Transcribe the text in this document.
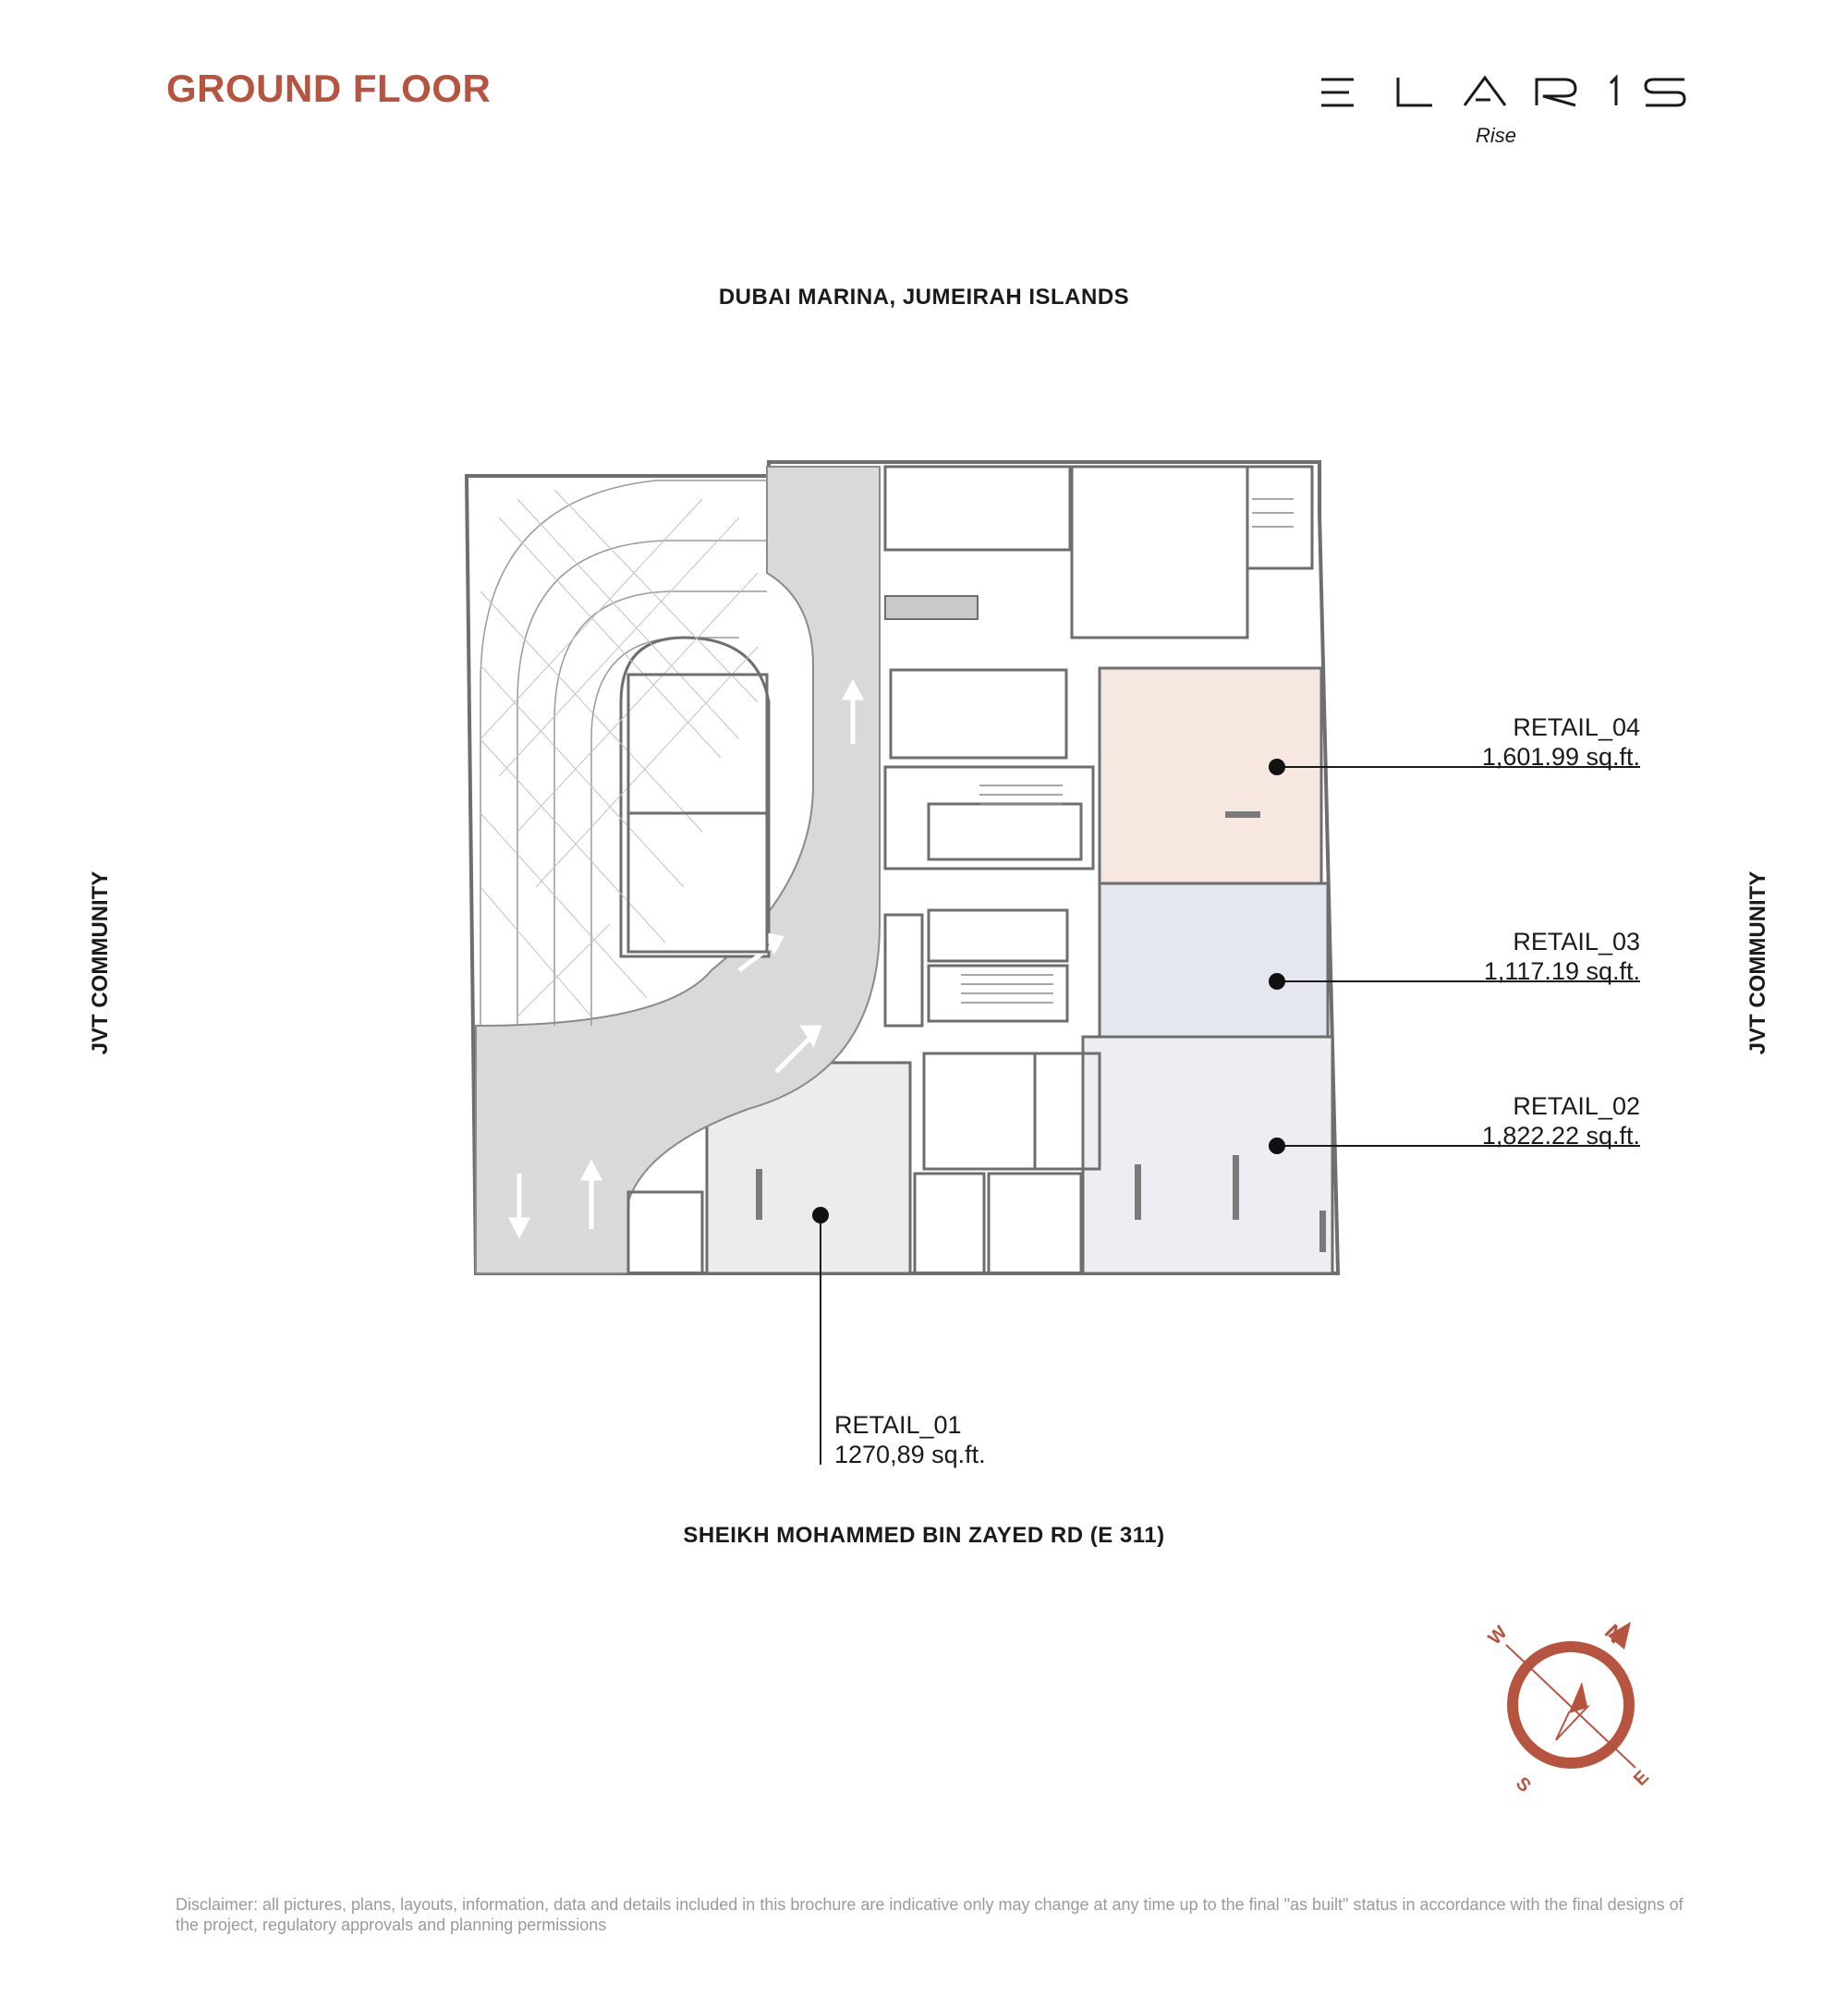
GROUND FLOOR
Rise
DUBAI MARINA, JUMEIRAH ISLANDS
SHEIKH MOHAMMED BIN ZAYED RD (E 311)
JVT COMMUNITY	JVT COMMUNITY
RETAIL_04
1,601.99 sq.ft.
RETAIL_03
1,117.19 sq.ft.
RETAIL_02
1,822.22 sq.ft.
RETAIL_01
1270,89 sq.ft.
N
W
E
S
Disclaimer: all pictures, plans, layouts, information, data and details included in this brochure are indicative only may change at any time up to the final "as built" status in accordance with the final designs of the project, regulatory approvals and planning permissions
